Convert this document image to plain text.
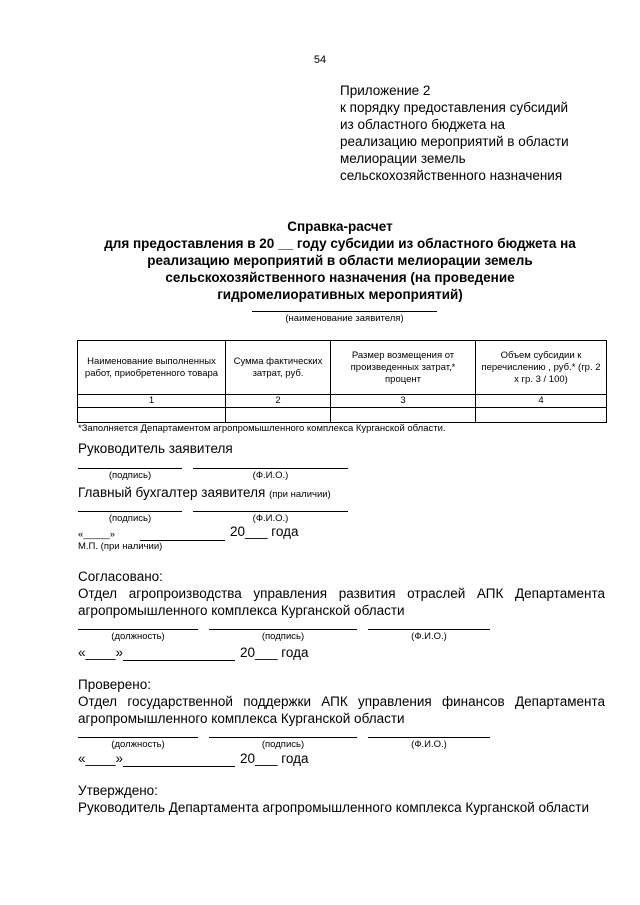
54
Приложение 2
к порядку предоставления субсидий
из областного бюджета на
реализацию мероприятий в области
мелиорации земель
сельскохозяйственного назначения
Справка-расчет
для предоставления в 20 __ году субсидии из областного бюджета на
реализацию мероприятий в области мелиорации земель
сельскохозяйственного назначения (на проведение
гидромелиоративных мероприятий)
(наименование заявителя)
Наименование выполненных работ, приобретенного товара	Сумма фактических затрат, руб.	Размер возмещения от произведенных затрат,* процент	Объем субсидии к перечислению , руб.* (гр. 2 х гр. 3 / 100)
1	2	3	4

*Заполняется Департаментом агропромышленного комплекса Курганской области.
Руководитель заявителя
(подпись)	(Ф.И.О.)
Главный бухгалтер заявителя (при наличии)
(подпись)	(Ф.И.О.)
«_____»	20___ года
М.П. (при наличии)
Согласовано:
Отдел агропроизводства управления развития отраслей АПК Департамента
агропромышленного комплекса Курганской области
(должность)	(подпись)	(Ф.И.О.)
«____»	20___ года
Проверено:
Отдел государственной поддержки АПК управления финансов Департамента
агропромышленного комплекса Курганской области
(должность)	(подпись)	(Ф.И.О.)
«____»	20___ года
Утверждено:
Руководитель Департамента агропромышленного комплекса Курганской области
